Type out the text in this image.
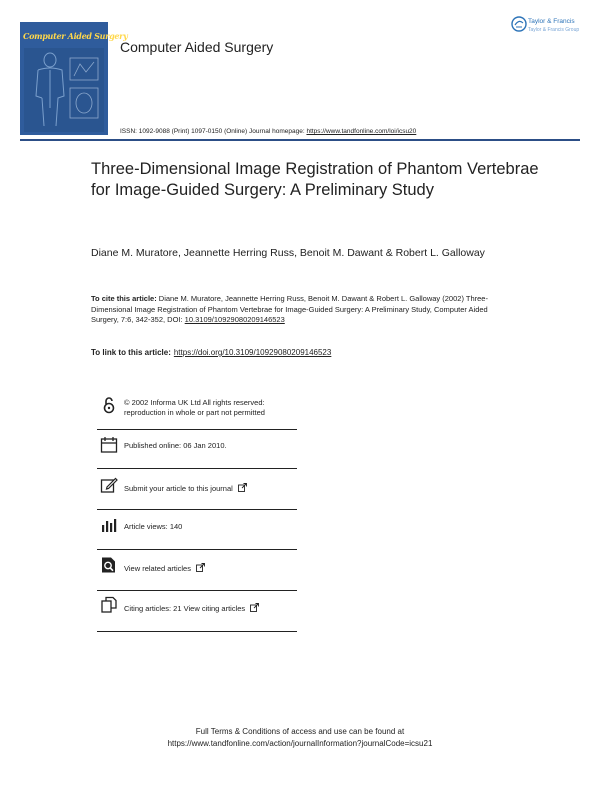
Computer Aided Surgery
Computer Aided Surgery
Taylor & Francis
Taylor & Francis Group
ISSN: 1092-9088 (Print) 1097-0150 (Online) Journal homepage: https://www.tandfonline.com/loi/icsu20
Three-Dimensional Image Registration of Phantom Vertebrae for Image-Guided Surgery: A Preliminary Study
Diane M. Muratore, Jeannette Herring Russ, Benoit M. Dawant & Robert L. Galloway
To cite this article: Diane M. Muratore, Jeannette Herring Russ, Benoit M. Dawant & Robert L. Galloway (2002) Three-Dimensional Image Registration of Phantom Vertebrae for Image-Guided Surgery: A Preliminary Study, Computer Aided Surgery, 7:6, 342-352, DOI: 10.3109/10929080209146523
To link to this article: https://doi.org/10.3109/10929080209146523
© 2002 Informa UK Ltd All rights reserved:
reproduction in whole or part not permitted
Published online: 06 Jan 2010.
Submit your article to this journal
Article views: 140
View related articles
Citing articles: 21 View citing articles
Full Terms & Conditions of access and use can be found at
https://www.tandfonline.com/action/journalInformation?journalCode=icsu21
